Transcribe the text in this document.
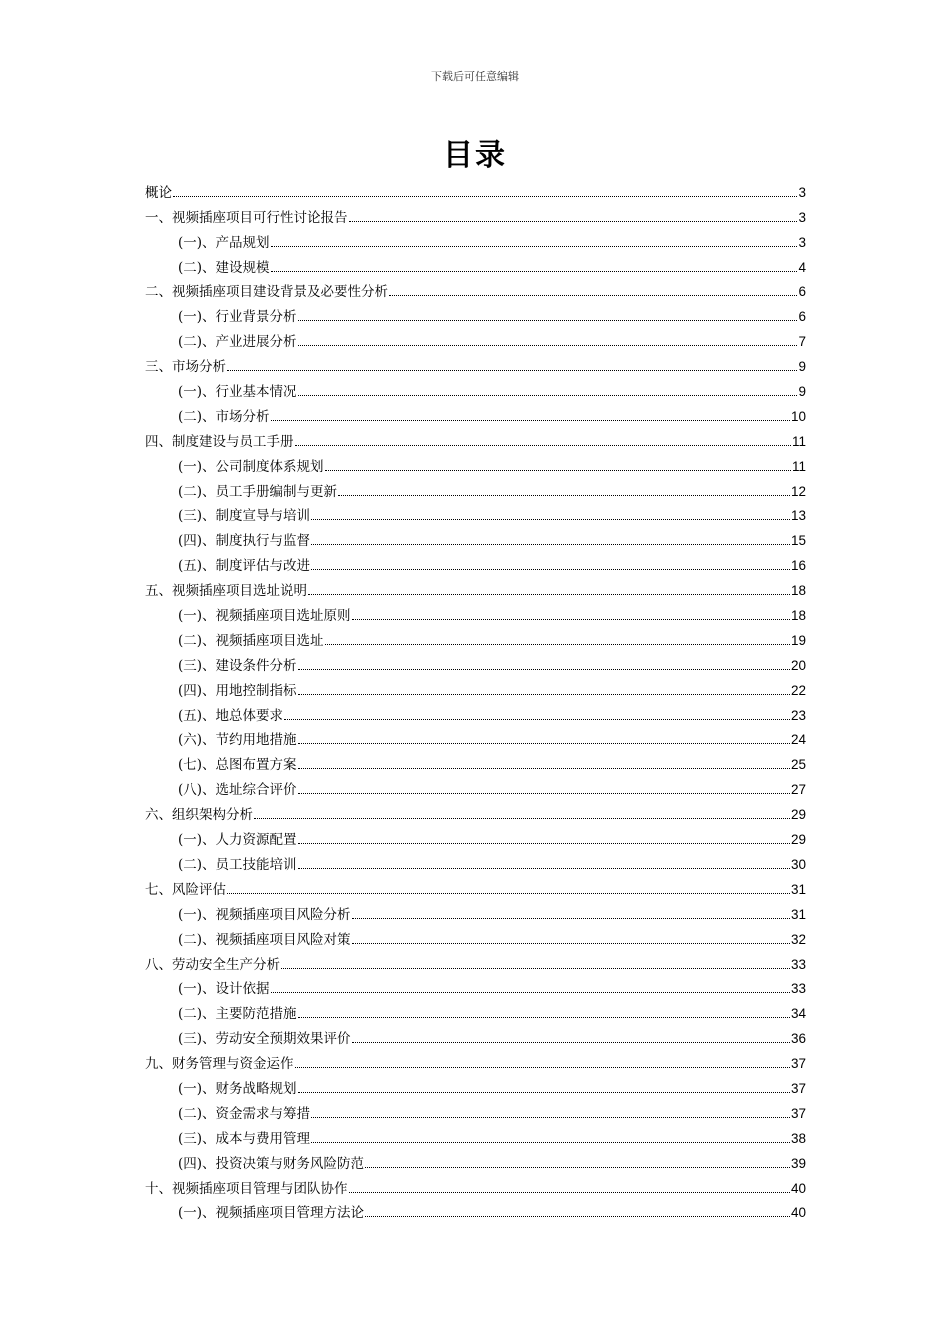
下载后可任意编辑
目录
概论	3
一、视频插座项目可行性讨论报告	3
(一)、产品规划	3
(二)、建设规模	4
二、视频插座项目建设背景及必要性分析	6
(一)、行业背景分析	6
(二)、产业进展分析	7
三、市场分析	9
(一)、行业基本情况	9
(二)、市场分析	10
四、制度建设与员工手册	11
(一)、公司制度体系规划	11
(二)、员工手册编制与更新	12
(三)、制度宣导与培训	13
(四)、制度执行与监督	15
(五)、制度评估与改进	16
五、视频插座项目选址说明	18
(一)、视频插座项目选址原则	18
(二)、视频插座项目选址	19
(三)、建设条件分析	20
(四)、用地控制指标	22
(五)、地总体要求	23
(六)、节约用地措施	24
(七)、总图布置方案	25
(八)、选址综合评价	27
六、组织架构分析	29
(一)、人力资源配置	29
(二)、员工技能培训	30
七、风险评估	31
(一)、视频插座项目风险分析	31
(二)、视频插座项目风险对策	32
八、劳动安全生产分析	33
(一)、设计依据	33
(二)、主要防范措施	34
(三)、劳动安全预期效果评价	36
九、财务管理与资金运作	37
(一)、财务战略规划	37
(二)、资金需求与筹措	37
(三)、成本与费用管理	38
(四)、投资决策与财务风险防范	39
十、视频插座项目管理与团队协作	40
(一)、视频插座项目管理方法论	40
